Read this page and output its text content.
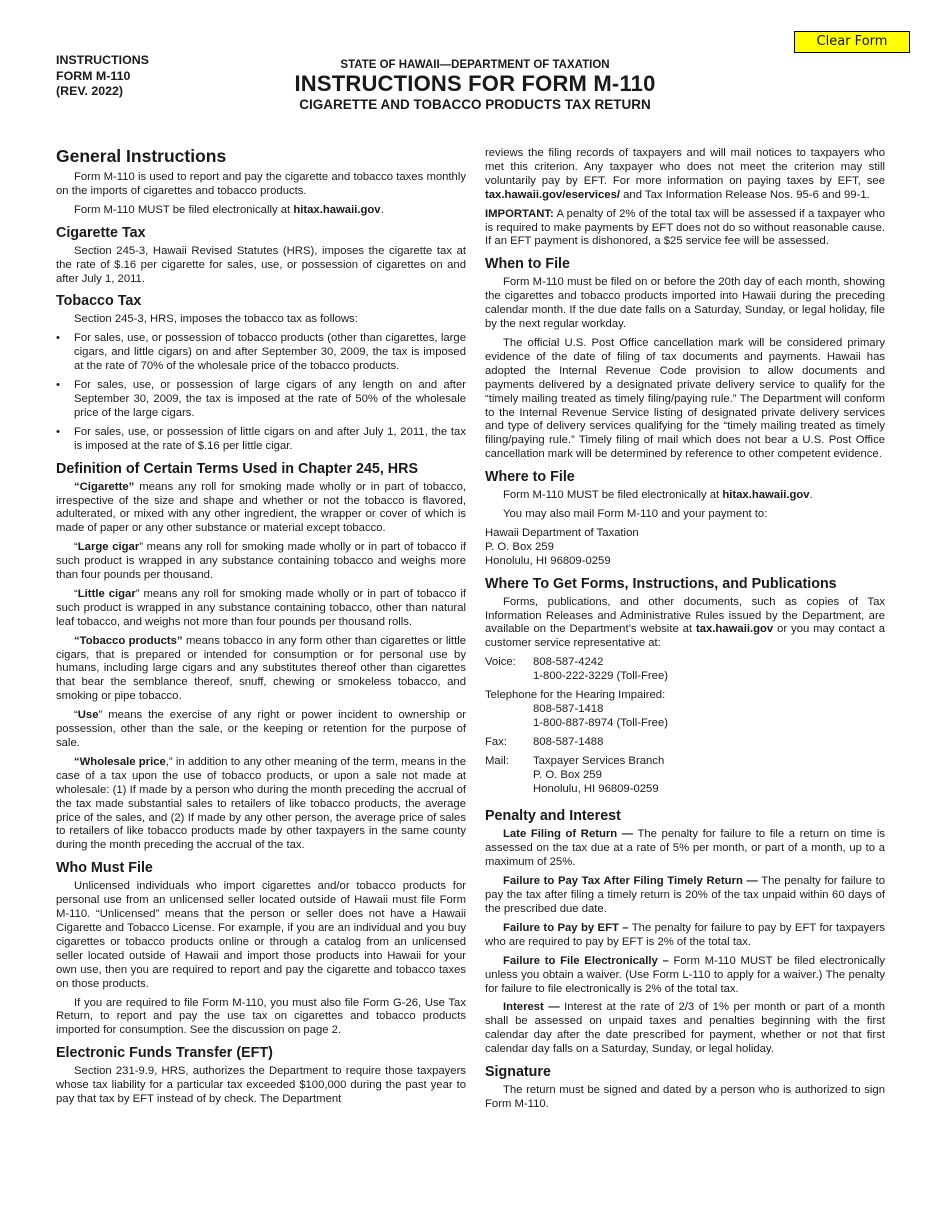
INSTRUCTIONS
FORM M-110
(REV. 2022)
STATE OF HAWAII—DEPARTMENT OF TAXATION
INSTRUCTIONS FOR FORM M-110
CIGARETTE AND TOBACCO PRODUCTS TAX RETURN
Clear Form
General Instructions

Form M-110 is used to report and pay the cigarette and tobacco taxes monthly on the imports of cigarettes and tobacco products.

Form M-110 MUST be filed electronically at hitax.hawaii.gov.

Cigarette Tax

Section 245-3, Hawaii Revised Statutes (HRS), imposes the cigarette tax at the rate of $.16 per cigarette for sales, use, or possession of cigarettes on and after July 1, 2011.

Tobacco Tax

Section 245-3, HRS, imposes the tobacco tax as follows:

• For sales, use, or possession of tobacco products (other than cigarettes, large cigars, and little cigars) on and after September 30, 2009, the tax is imposed at the rate of 70% of the wholesale price of the tobacco products.
• For sales, use, or possession of large cigars of any length on and after September 30, 2009, the tax is imposed at the rate of 50% of the wholesale price of the large cigars.
• For sales, use, or possession of little cigars on and after July 1, 2011, the tax is imposed at the rate of $.16 per little cigar.
Definition of Certain Terms Used in Chapter 245, HRS

“Cigarette” means any roll for smoking made wholly or in part of tobacco, irrespective of the size and shape and whether or not the tobacco is flavored, adulterated, or mixed with any other ingredient, the wrapper or cover of which is made of paper or any other substance or material except tobacco.

“Large cigar” means any roll for smoking made wholly or in part of tobacco if such product is wrapped in any substance containing tobacco and weighs more than four pounds per thousand.

“Little cigar” means any roll for smoking made wholly or in part of tobacco if such product is wrapped in any substance containing tobacco, other than natural leaf tobacco, and weighs not more than four pounds per thousand rolls.

“Tobacco products” means tobacco in any form other than cigarettes or little cigars, that is prepared or intended for consumption or for personal use by humans, including large cigars and any substitutes thereof other than cigarettes that bear the semblance thereof, snuff, chewing or smokeless tobacco, and smoking or pipe tobacco.

“Use” means the exercise of any right or power incident to ownership or possession, other than the sale, or the keeping or retention for the purpose of sale.

“Wholesale price,” in addition to any other meaning of the term, means in the case of a tax upon the use of tobacco products, or upon a sale not made at wholesale: (1) If made by a person who during the month preceding the accrual of the tax made substantial sales to retailers of like tobacco products, the average price of the sales, and (2) If made by any other person, the average price of sales to retailers of like tobacco products made by other taxpayers in the same county during the month preceding the accrual of the tax.

Who Must File

Unlicensed individuals who import cigarettes and/or tobacco products for personal use from an unlicensed seller located outside of Hawaii must file Form M-110. “Unlicensed” means that the person or seller does not have a Hawaii Cigarette and Tobacco License. For example, if you are an individual and you buy cigarettes or tobacco products online or through a catalog from an unlicensed seller located outside of Hawaii and import those products into Hawaii for your own use, then you are required to report and pay the cigarette and tobacco taxes on those products.

If you are required to file Form M-110, you must also file Form G-26, Use Tax Return, to report and pay the use tax on cigarettes and tobacco products imported for consumption. See the discussion on page 2.

Electronic Funds Transfer (EFT)

Section 231-9.9, HRS, authorizes the Department to require those taxpayers whose tax liability for a particular tax exceeded $100,000 during the past year to pay that tax by EFT instead of by check. The Department

reviews the filing records of taxpayers and will mail notices to taxpayers who met this criterion. Any taxpayer who does not meet the criterion may still voluntarily pay by EFT. For more information on paying taxes by EFT, see tax.hawaii.gov/eservices/ and Tax Information Release Nos. 95-6 and 99-1.

IMPORTANT: A penalty of 2% of the total tax will be assessed if a taxpayer who is required to make payments by EFT does not do so without reasonable cause. If an EFT payment is dishonored, a $25 service fee will be assessed.

When to File

Form M-110 must be filed on or before the 20th day of each month, showing the cigarettes and tobacco products imported into Hawaii during the preceding calendar month. If the due date falls on a Saturday, Sunday, or legal holiday, file by the next regular workday.

The official U.S. Post Office cancellation mark will be considered primary evidence of the date of filing of tax documents and payments. Hawaii has adopted the Internal Revenue Code provision to allow documents and payments delivered by a designated private delivery service to qualify for the “timely mailing treated as timely filing/paying rule.” The Department will conform to the Internal Revenue Service listing of designated private delivery services and type of delivery services qualifying for the “timely mailing treated as timely filing/paying rule.” Timely filing of mail which does not bear a U.S. Post Office cancellation mark will be determined by reference to other competent evidence.

Where to File

Form M-110 MUST be filed electronically at hitax.hawaii.gov.

You may also mail Form M-110 and your payment to:

Hawaii Department of Taxation
P. O. Box 259
Honolulu, HI 96809-0259
Where To Get Forms, Instructions, and Publications

Forms, publications, and other documents, such as copies of Tax Information Releases and Administrative Rules issued by the Department, are available on the Department’s website at tax.hawaii.gov or you may contact a customer service representative at:

Voice:	808-587-4242
1-800-222-3229 (Toll-Free)
Telephone for the Hearing Impaired:
808-587-1418
1-800-887-8974 (Toll-Free)
Fax:	808-587-1488
Mail:	Taxpayer Services Branch
P. O. Box 259
Honolulu, HI 96809-0259
Penalty and Interest

Late Filing of Return — The penalty for failure to file a return on time is assessed on the tax due at a rate of 5% per month, or part of a month, up to a maximum of 25%.

Failure to Pay Tax After Filing Timely Return — The penalty for failure to pay the tax after filing a timely return is 20% of the tax unpaid within 60 days of the prescribed due date.

Failure to Pay by EFT – The penalty for failure to pay by EFT for taxpayers who are required to pay by EFT is 2% of the total tax.

Failure to File Electronically – Form M-110 MUST be filed electronically unless you obtain a waiver. (Use Form L-110 to apply for a waiver.) The penalty for failure to file electronically is 2% of the total tax.

Interest — Interest at the rate of 2/3 of 1% per month or part of a month shall be assessed on unpaid taxes and penalties beginning with the first calendar day after the date prescribed for payment, whether or not that first calendar day falls on a Saturday, Sunday, or legal holiday.

Signature

The return must be signed and dated by a person who is authorized to sign Form M-110.
